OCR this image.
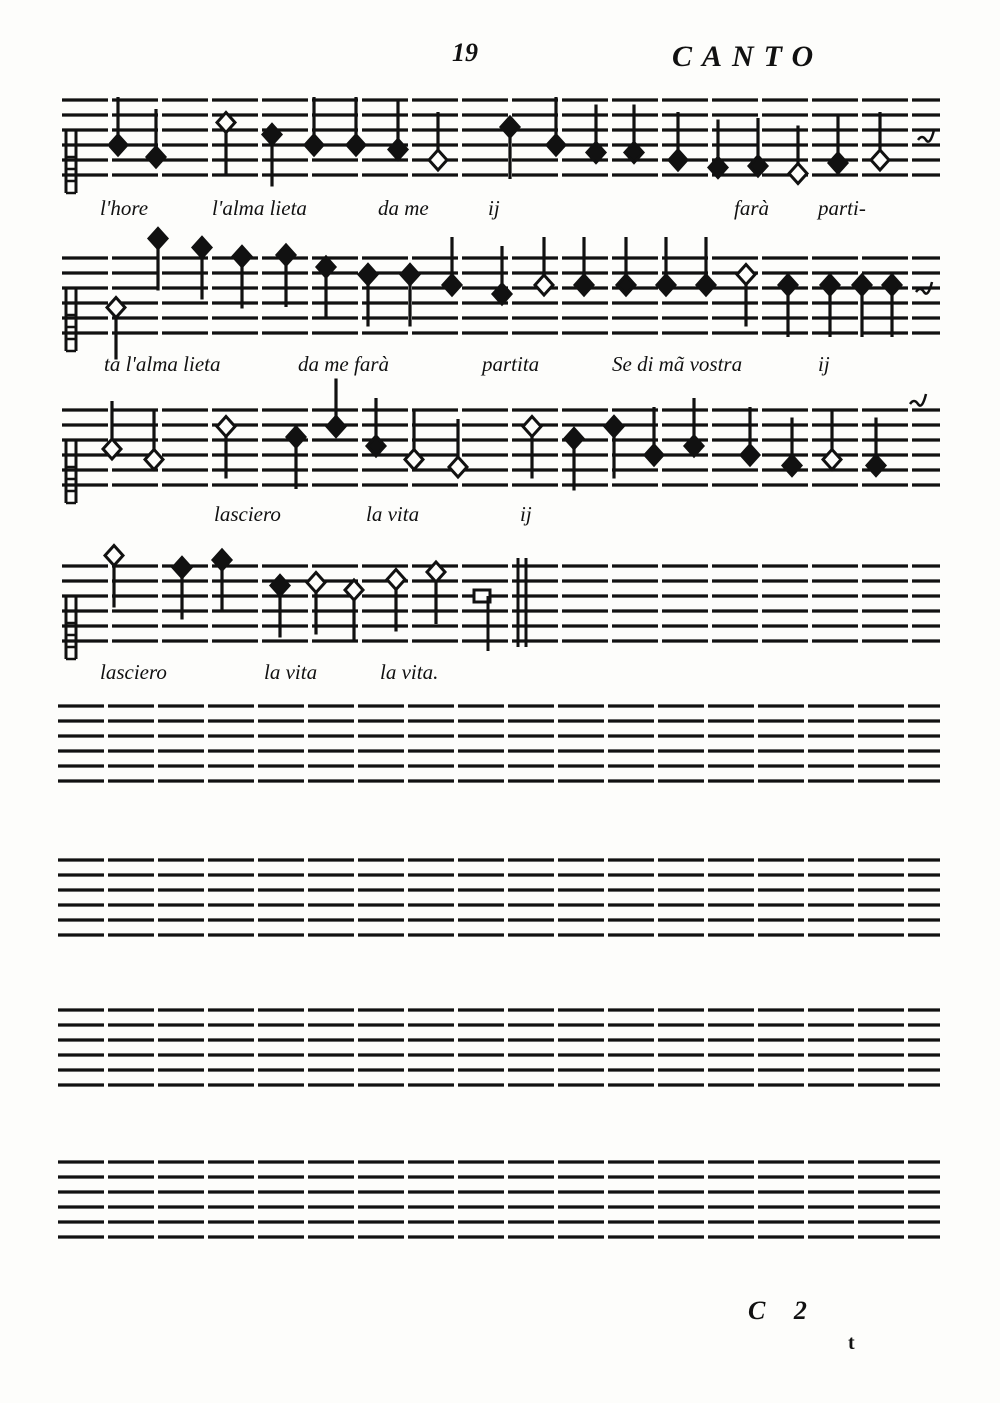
19	CANTO
l'hore	l'alma lieta	da me	ij	farà parti-
ta l'alma lieta	da me farà	partita	Se di mã vostra	ij
lasciero	la vita	ij
lasciero	la vita	la vita.
C 2
t
